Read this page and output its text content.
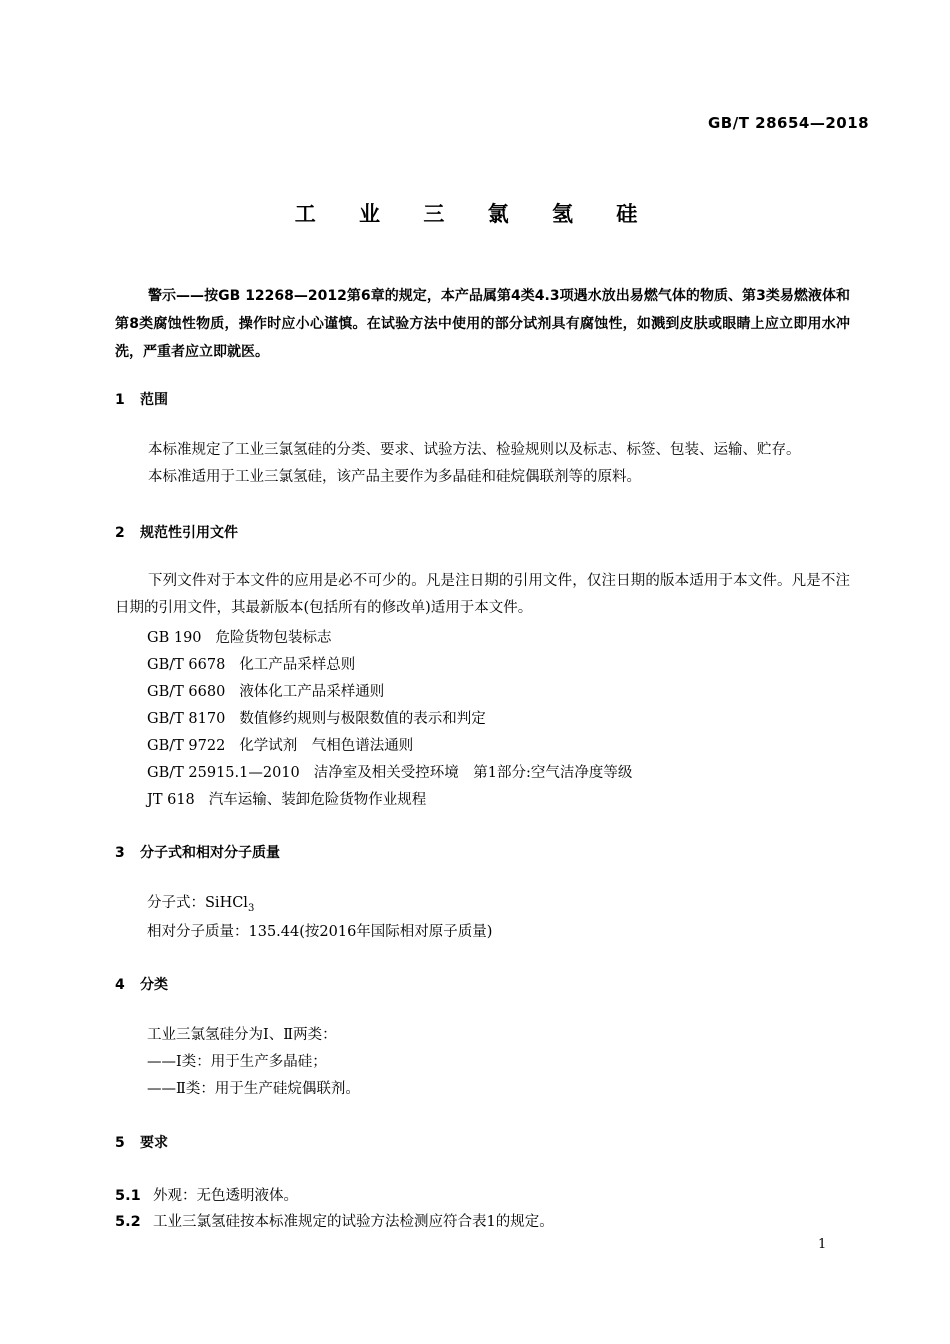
GB/T 28654—2018
工 业 三 氯 氢 硅
警示——按GB 12268—2012第6章的规定，本产品属第4类4.3项遇水放出易燃气体的物质、第3类易燃液体和第8类腐蚀性物质，操作时应小心谨慎。在试验方法中使用的部分试剂具有腐蚀性，如溅到皮肤或眼睛上应立即用水冲洗，严重者应立即就医。
1 范围
本标准规定了工业三氯氢硅的分类、要求、试验方法、检验规则以及标志、标签、包装、运输、贮存。
本标准适用于工业三氯氢硅，该产品主要作为多晶硅和硅烷偶联剂等的原料。
2 规范性引用文件
下列文件对于本文件的应用是必不可少的。凡是注日期的引用文件，仅注日期的版本适用于本文件。凡是不注日期的引用文件，其最新版本(包括所有的修改单)适用于本文件。
GB 190 危险货物包装标志
GB/T 6678 化工产品采样总则
GB/T 6680 液体化工产品采样通则
GB/T 8170 数值修约规则与极限数值的表示和判定
GB/T 9722 化学试剂　气相色谱法通则
GB/T 25915.1—2010 洁净室及相关受控环境　第1部分:空气洁净度等级
JT 618 汽车运输、装卸危险货物作业规程
3 分子式和相对分子质量
分子式：SiHCl$_3$
相对分子质量：135.44(按2016年国际相对原子质量)
4 分类
工业三氯氢硅分为Ⅰ、Ⅱ两类：
——Ⅰ类：用于生产多晶硅；
——Ⅱ类：用于生产硅烷偶联剂。
5 要求
5.1 外观：无色透明液体。
5.2 工业三氯氢硅按本标准规定的试验方法检测应符合表1的规定。
1
